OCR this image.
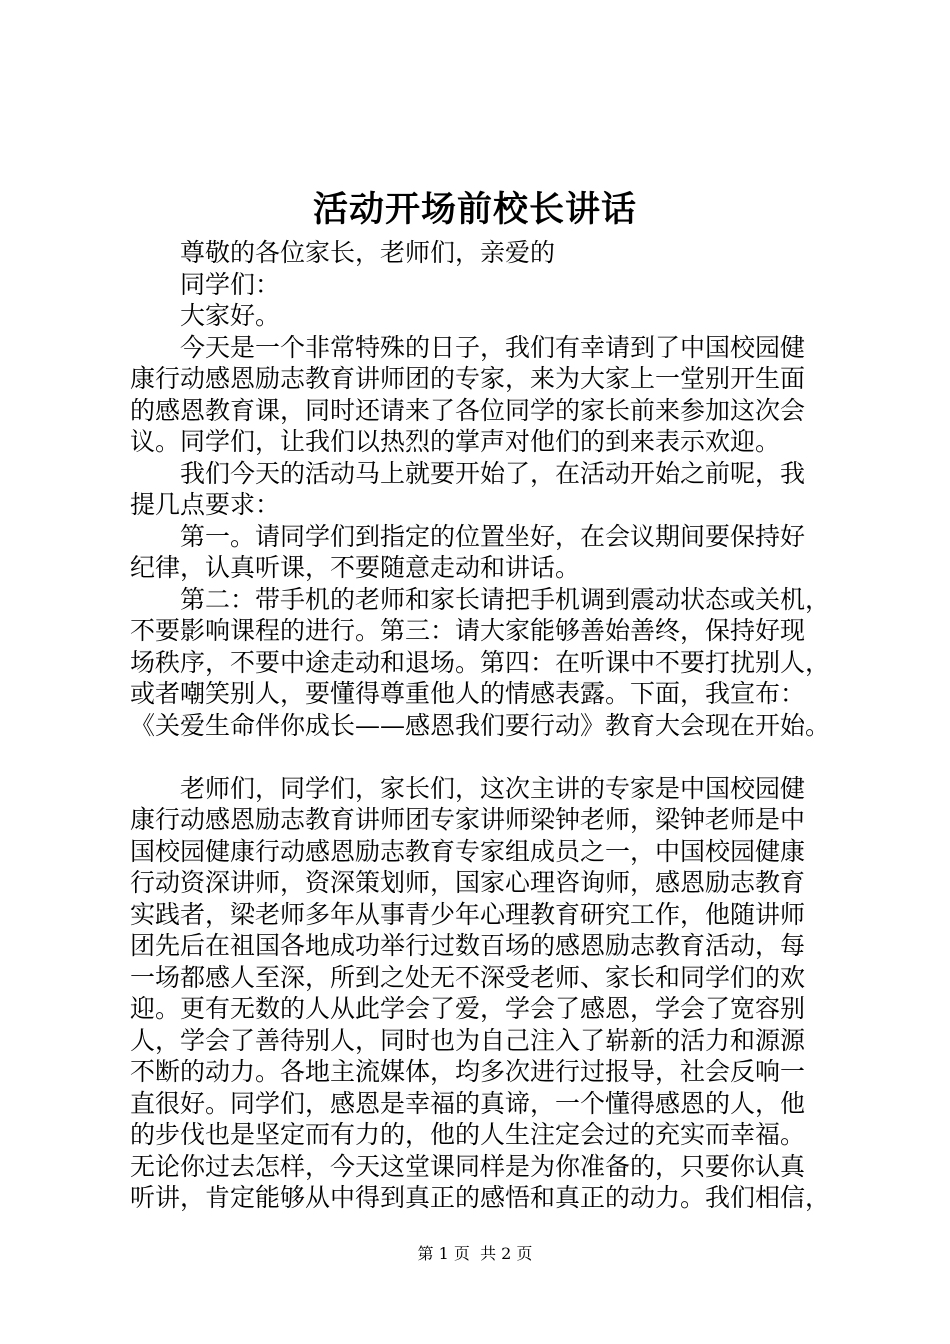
活动开场前校长讲话

尊敬的各位家长，老师们，亲爱的

同学们：

大家好。

今天是一个非常特殊的日子，我们有幸请到了中国校园健
康行动感恩励志教育讲师团的专家，来为大家上一堂别开生面
的感恩教育课，同时还请来了各位同学的家长前来参加这次会
议。同学们，让我们以热烈的掌声对他们的到来表示欢迎。

我们今天的活动马上就要开始了，在活动开始之前呢，我
提几点要求：

第一。请同学们到指定的位置坐好，在会议期间要保持好
纪律，认真听课，不要随意走动和讲话。

第二：带手机的老师和家长请把手机调到震动状态或关机，
不要影响课程的进行。第三：请大家能够善始善终，保持好现
场秩序，不要中途走动和退场。第四：在听课中不要打扰别人，
或者嘲笑别人，要懂得尊重他人的情感表露。下面，我宣布：
《关爱生命伴你成长——感恩我们要行动》教育大会现在开始。

老师们，同学们，家长们，这次主讲的专家是中国校园健
康行动感恩励志教育讲师团专家讲师梁钟老师，梁钟老师是中
国校园健康行动感恩励志教育专家组成员之一，中国校园健康
行动资深讲师，资深策划师，国家心理咨询师，感恩励志教育
实践者，梁老师多年从事青少年心理教育研究工作，他随讲师
团先后在祖国各地成功举行过数百场的感恩励志教育活动，每
一场都感人至深，所到之处无不深受老师、家长和同学们的欢
迎。更有无数的人从此学会了爱，学会了感恩，学会了宽容别
人，学会了善待别人，同时也为自己注入了崭新的活力和源源
不断的动力。各地主流媒体，均多次进行过报导，社会反响一
直很好。同学们，感恩是幸福的真谛，一个懂得感恩的人，他
的步伐也是坚定而有力的，他的人生注定会过的充实而幸福。
无论你过去怎样，今天这堂课同样是为你准备的，只要你认真
听讲，肯定能够从中得到真正的感悟和真正的动力。我们相信，

第 1 页  共 2 页
